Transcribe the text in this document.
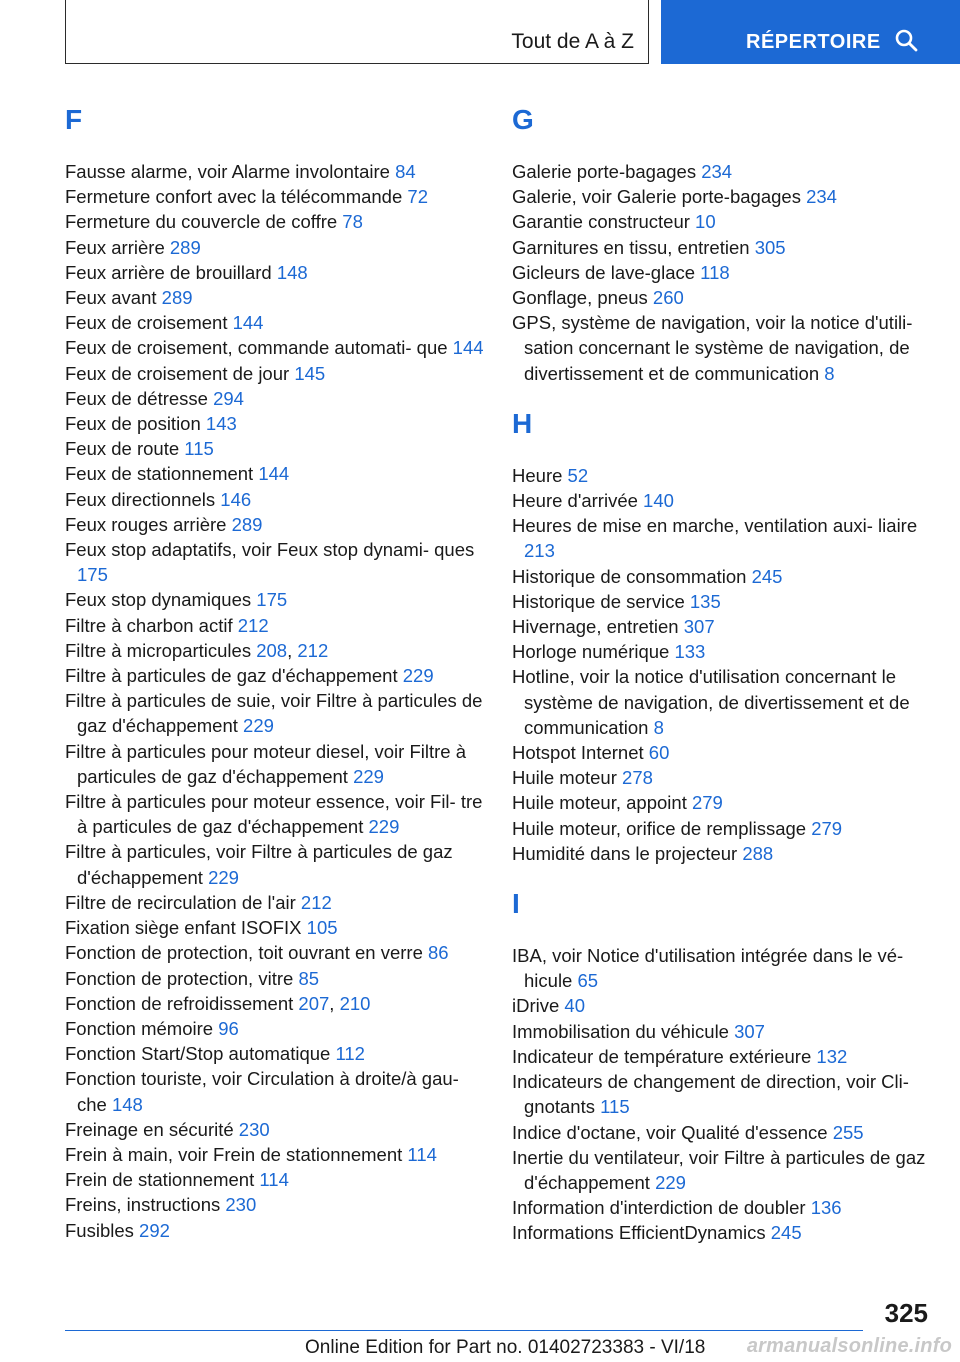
Tout de A à Z	RÉPERTOIRE
F
Fausse alarme, voir Alarme involontaire 84
Fermeture confort avec la télécommande 72
Fermeture du couvercle de coffre 78
Feux arrière 289
Feux arrière de brouillard 148
Feux avant 289
Feux de croisement 144
Feux de croisement, commande automati‐ que 144
Feux de croisement de jour 145
Feux de détresse 294
Feux de position 143
Feux de route 115
Feux de stationnement 144
Feux directionnels 146
Feux rouges arrière 289
Feux stop adaptatifs, voir Feux stop dynami‐ ques 175
Feux stop dynamiques 175
Filtre à charbon actif 212
Filtre à microparticules 208, 212
Filtre à particules de gaz d'échappement 229
Filtre à particules de suie, voir Filtre à particules de gaz d'échappement 229
Filtre à particules pour moteur diesel, voir Filtre à particules de gaz d'échappement 229
Filtre à particules pour moteur essence, voir Fil‐ tre à particules de gaz d'échappement 229
Filtre à particules, voir Filtre à particules de gaz d'échappement 229
Filtre de recirculation de l'air 212
Fixation siège enfant ISOFIX 105
Fonction de protection, toit ouvrant en verre 86
Fonction de protection, vitre 85
Fonction de refroidissement 207, 210
Fonction mémoire 96
Fonction Start/Stop automatique 112
Fonction touriste, voir Circulation à droite/à gau‐ che 148
Freinage en sécurité 230
Frein à main, voir Frein de stationnement 114
Frein de stationnement 114
Freins, instructions 230
Fusibles 292
G
Galerie porte-bagages 234
Galerie, voir Galerie porte-bagages 234
Garantie constructeur 10
Garnitures en tissu, entretien 305
Gicleurs de lave-glace 118
Gonflage, pneus 260
GPS, système de navigation, voir la notice d'utili‐ sation concernant le système de navigation, de divertissement et de communication 8
H
Heure 52
Heure d'arrivée 140
Heures de mise en marche, ventilation auxi‐ liaire 213
Historique de consommation 245
Historique de service 135
Hivernage, entretien 307
Horloge numérique 133
Hotline, voir la notice d'utilisation concernant le système de navigation, de divertissement et de communication 8
Hotspot Internet 60
Huile moteur 278
Huile moteur, appoint 279
Huile moteur, orifice de remplissage 279
Humidité dans le projecteur 288
I
IBA, voir Notice d'utilisation intégrée dans le vé‐ hicule 65
iDrive 40
Immobilisation du véhicule 307
Indicateur de température extérieure 132
Indicateurs de changement de direction, voir Cli‐ gnotants 115
Indice d'octane, voir Qualité d'essence 255
Inertie du ventilateur, voir Filtre à particules de gaz d'échappement 229
Information d'interdiction de doubler 136
Informations EfficientDynamics 245
325
Online Edition for Part no. 01402723383 - VI/18 armanualsonline.info
